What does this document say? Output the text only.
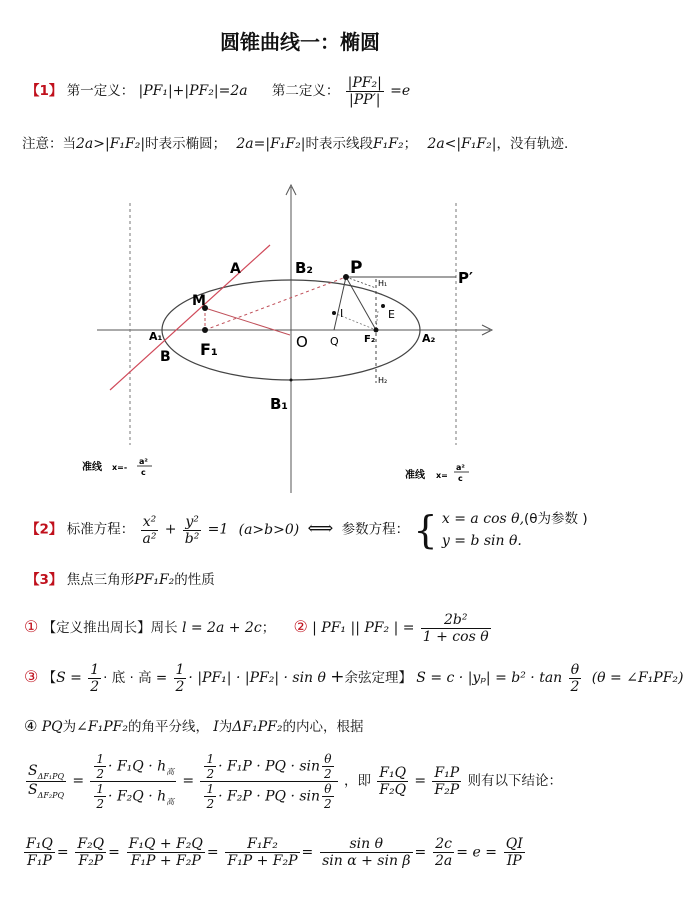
圆锥曲线一：椭圆
【1】 第一定义： |PF₁|+|PF₂|=2a 第二定义： $\frac{\text{|PF₂|}}{|PP'|} =e$
注意：当2a>|F₁F₂|时表示椭圆； 2a=|F₁F₂|时表示线段F₁F₂； 2a<|F₁F₂|，没有轨迹.
A	B₂ P	P′
M
H₁
I	E
A₁
B F₁	O Q	F₂	A₂
H₂
B₁
准线 x=-
a²
c	准线 x=
a²
c
【2】 标准方程： $\frac{\text{x²}}{\text{a²}} + \frac{\text{y²}}{\text{b²}} =1$ (a>b>0) ⟺ 参数方程： { x = a cos θ,(θ为参数 )
y = b sin θ.
【3】 焦点三角形PF₁F₂的性质
① 【定义推出周长】周长 l = 2a + 2c； ② | PF₁ || PF₂ | = $\frac{\text{2b²}}{\text{1 + cos θ}}$
③ 【$S = \frac{1}{2}$ · 底 · 高 = $\frac{1}{2} \cdot |PF_1| \cdot |PF_2| \cdot \sin \theta$ +余弦定理】 $S = c \cdot |y_p| = b^2 \cdot \tan \frac{\theta}{2} (\theta$ = ∠F₁PF₂)
④ PQ为∠F₁PF₂的角平分线， I为ΔF₁PF₂的内心，根据
$\frac{S_{\Delta F_1PQ}}{S_{\Delta F_2PQ}} = \frac{\frac{1}{2} \cdot F_1Q \cdot h_高}{\frac{1}{2} \cdot F_2Q \cdot h_高} = \frac{\frac{1}{2} \cdot F_1P \cdot PQ \cdot \sin \frac{\theta}{2}}{\frac{1}{2} \cdot F_2P \cdot PQ \cdot \sin \frac{\theta}{2}}$ ，即 $\frac{\text{F₁Q}}{\text{F₂Q}} = \frac{\text{F₁P}}{\text{F₂P}}$ 则有以下结论：
$\frac{\text{F₁Q}}{\text{F₁P}} = \frac{\text{F₂Q}}{\text{F₂P}} = \frac{\text{F₁Q + F₂Q}}{\text{F₁P + F₂P}} = \frac{\text{F₁F₂}}{\text{F₁P + F₂P}} = \frac{\text{sin θ}}{\text{sin α + sin β}} = \frac{2c}{2a} = e = \frac{QI}{IP}$
